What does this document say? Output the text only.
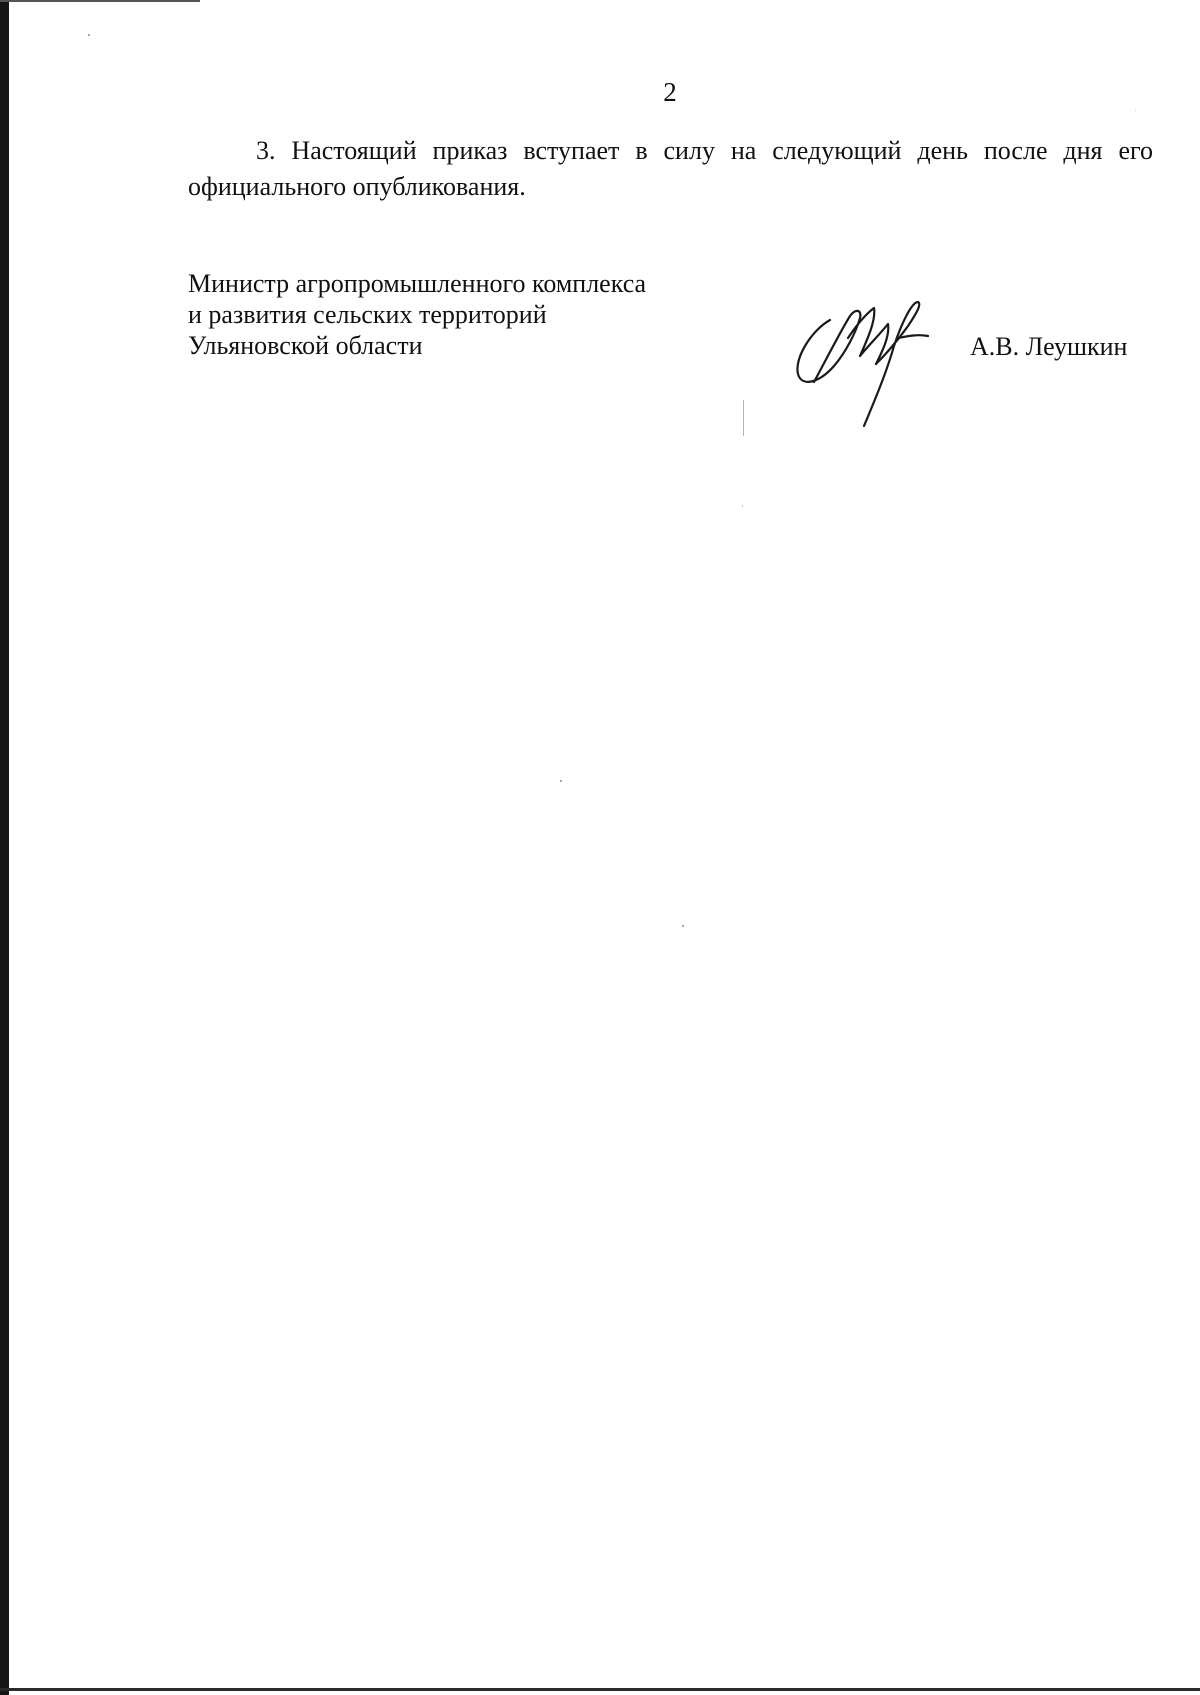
2
3. Настоящий приказ вступает в силу на следующий день после дня его
официального опубликования.
Министр агропромышленного комплекса
и развития сельских территорий
Ульяновской области	А.В. Леушкин
